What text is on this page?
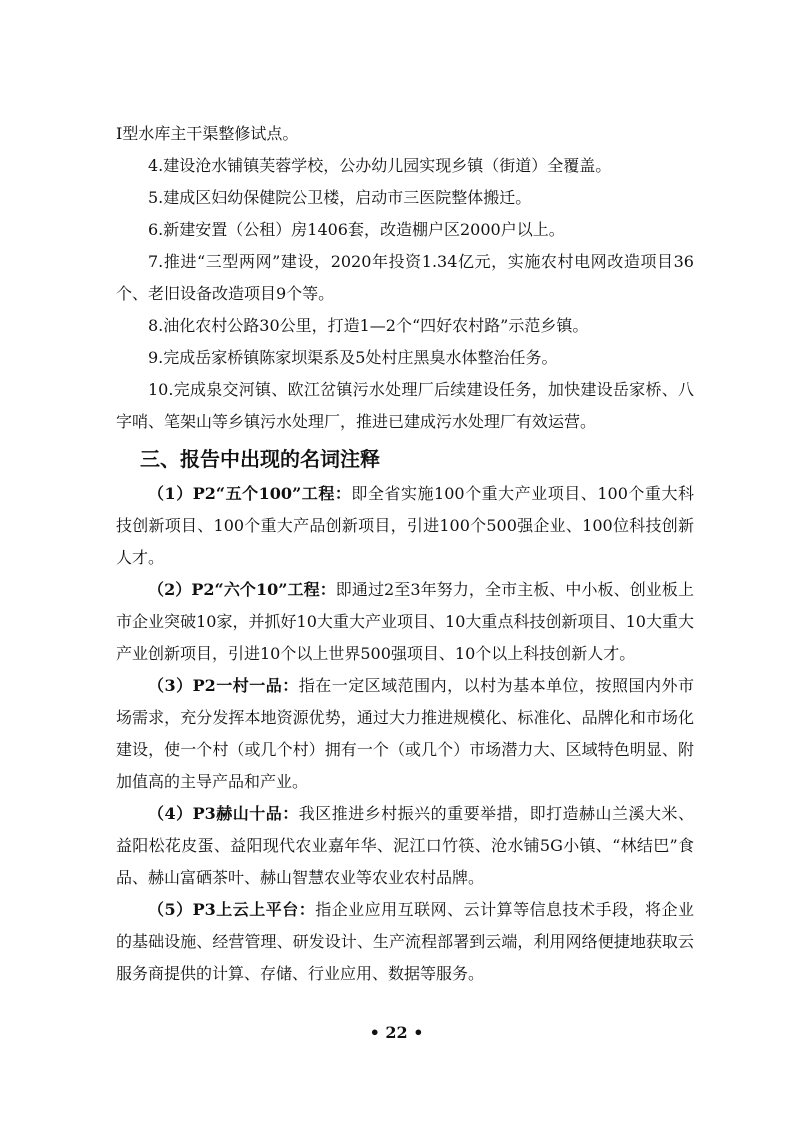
Ⅰ型水库主干渠整修试点。

4.建设沧水铺镇芙蓉学校，公办幼儿园实现乡镇（街道）全覆盖。

5.建成区妇幼保健院公卫楼，启动市三医院整体搬迁。

6.新建安置（公租）房1406套，改造棚户区2000户以上。

7.推进“三型两网”建设，2020年投资1.34亿元，实施农村电网改造项目36个、老旧设备改造项目9个等。

8.油化农村公路30公里，打造1—2个“四好农村路”示范乡镇。

9.完成岳家桥镇陈家坝渠系及5处村庄黑臭水体整治任务。

10.完成泉交河镇、欧江岔镇污水处理厂后续建设任务，加快建设岳家桥、八字哨、笔架山等乡镇污水处理厂，推进已建成污水处理厂有效运营。

三、报告中出现的名词注释

（1）P2“五个100”工程：即全省实施100个重大产业项目、100个重大科技创新项目、100个重大产品创新项目，引进100个500强企业、100位科技创新人才。

（2）P2“六个10”工程：即通过2至3年努力，全市主板、中小板、创业板上市企业突破10家，并抓好10大重大产业项目、10大重点科技创新项目、10大重大产业创新项目，引进10个以上世界500强项目、10个以上科技创新人才。

（3）P2一村一品：指在一定区域范围内，以村为基本单位，按照国内外市场需求，充分发挥本地资源优势，通过大力推进规模化、标准化、品牌化和市场化建设，使一个村（或几个村）拥有一个（或几个）市场潜力大、区域特色明显、附加值高的主导产品和产业。

（4）P3赫山十品：我区推进乡村振兴的重要举措，即打造赫山兰溪大米、益阳松花皮蛋、益阳现代农业嘉年华、泥江口竹筷、沧水铺5G小镇、“林结巴”食品、赫山富硒茶叶、赫山智慧农业等农业农村品牌。

（5）P3上云上平台：指企业应用互联网、云计算等信息技术手段，将企业的基础设施、经营管理、研发设计、生产流程部署到云端，利用网络便捷地获取云服务商提供的计算、存储、行业应用、数据等服务。

• 22 •
